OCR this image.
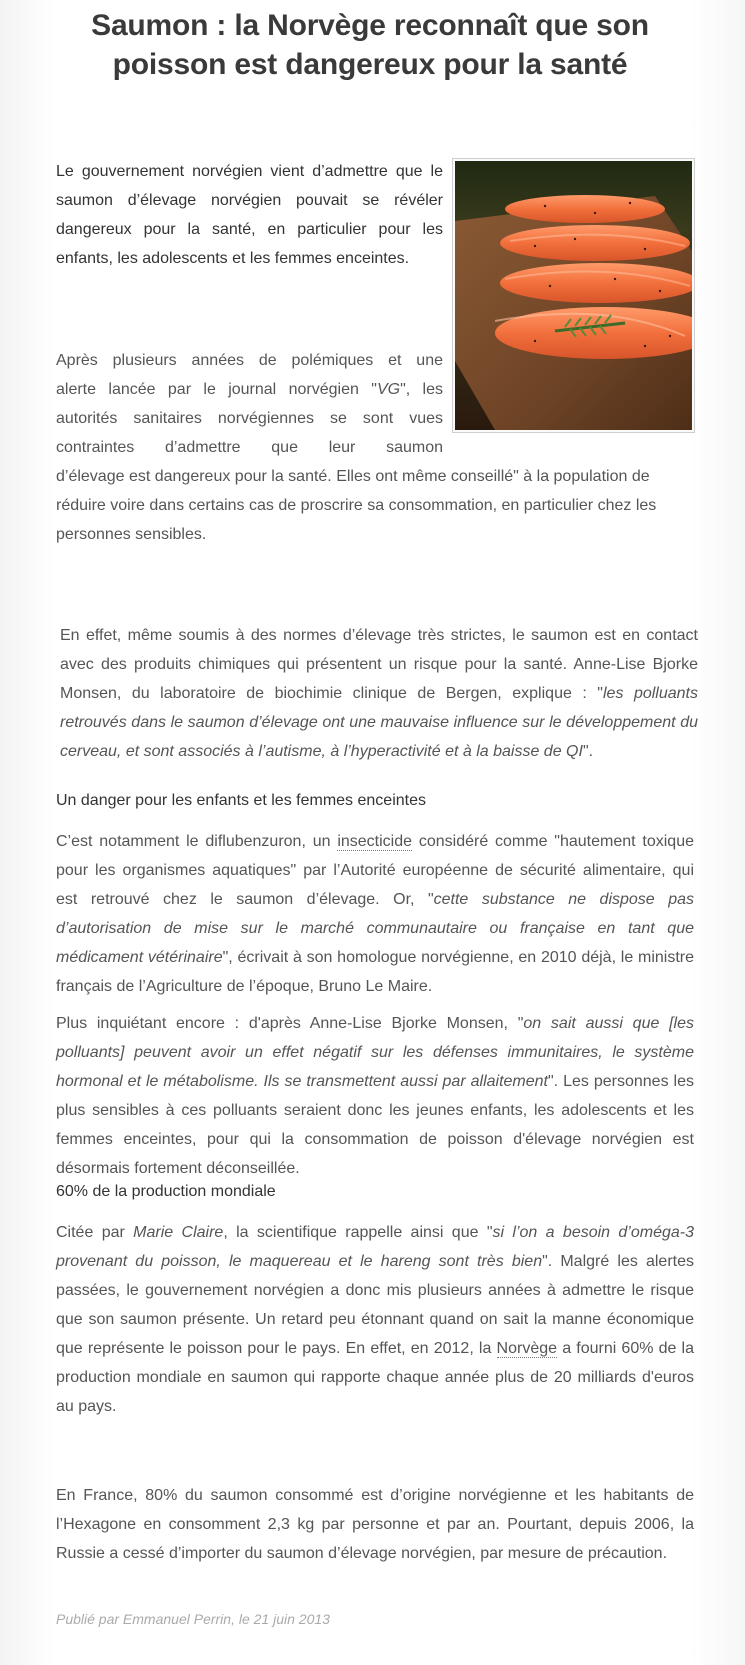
Saumon : la Norvège reconnaît que son poisson est dangereux pour la santé

Le gouvernement norvégien vient d’admettre que le saumon d’élevage norvégien pouvait se révéler dangereux pour la santé, en particulier pour les enfants, les adolescents et les femmes enceintes.

Après plusieurs années de polémiques et une
alerte lancée par le journal norvégien "VG", les
autorités sanitaires norvégiennes se sont vues
contraintes d’admettre que leur saumon
d’élevage est dangereux pour la santé. Elles ont même conseillé" à la population de réduire voire dans certains cas de proscrire sa consommation, en particulier chez les personnes sensibles.

En effet, même soumis à des normes d’élevage très strictes, le saumon est en contact avec des produits chimiques qui présentent un risque pour la santé. Anne-Lise Bjorke Monsen, du laboratoire de biochimie clinique de Bergen, explique : "les polluants retrouvés dans le saumon d’élevage ont une mauvaise influence sur le développement du cerveau, et sont associés à l’autisme, à l’hyperactivité et à la baisse de QI".

Un danger pour les enfants et les femmes enceintes

C’est notamment le diflubenzuron, un insecticide considéré comme "hautement toxique pour les organismes aquatiques" par l’Autorité européenne de sécurité alimentaire, qui est retrouvé chez le saumon d’élevage. Or, "cette substance ne dispose pas d’autorisation de mise sur le marché communautaire ou française en tant que médicament vétérinaire", écrivait à son homologue norvégienne, en 2010 déjà, le ministre français de l’Agriculture de l’époque, Bruno Le Maire.

Plus inquiétant encore : d'après Anne-Lise Bjorke Monsen, "on sait aussi que [les polluants] peuvent avoir un effet négatif sur les défenses immunitaires, le système hormonal et le métabolisme. Ils se transmettent aussi par allaitement". Les personnes les plus sensibles à ces polluants seraient donc les jeunes enfants, les adolescents et les femmes enceintes, pour qui la consommation de poisson d'élevage norvégien est désormais fortement déconseillée.

60% de la production mondiale

Citée par Marie Claire, la scientifique rappelle ainsi que "si l’on a besoin d’oméga-3 provenant du poisson, le maquereau et le hareng sont très bien". Malgré les alertes passées, le gouvernement norvégien a donc mis plusieurs années à admettre le risque que son saumon présente. Un retard peu étonnant quand on sait la manne économique que représente le poisson pour le pays. En effet, en 2012, la Norvège a fourni 60% de la production mondiale en saumon qui rapporte chaque année plus de 20 milliards d'euros au pays.

En France, 80% du saumon consommé est d’origine norvégienne et les habitants de l’Hexagone en consomment 2,3 kg par personne et par an. Pourtant, depuis 2006, la Russie a cessé d’importer du saumon d’élevage norvégien, par mesure de précaution.

Publié par Emmanuel Perrin, le 21 juin 2013
